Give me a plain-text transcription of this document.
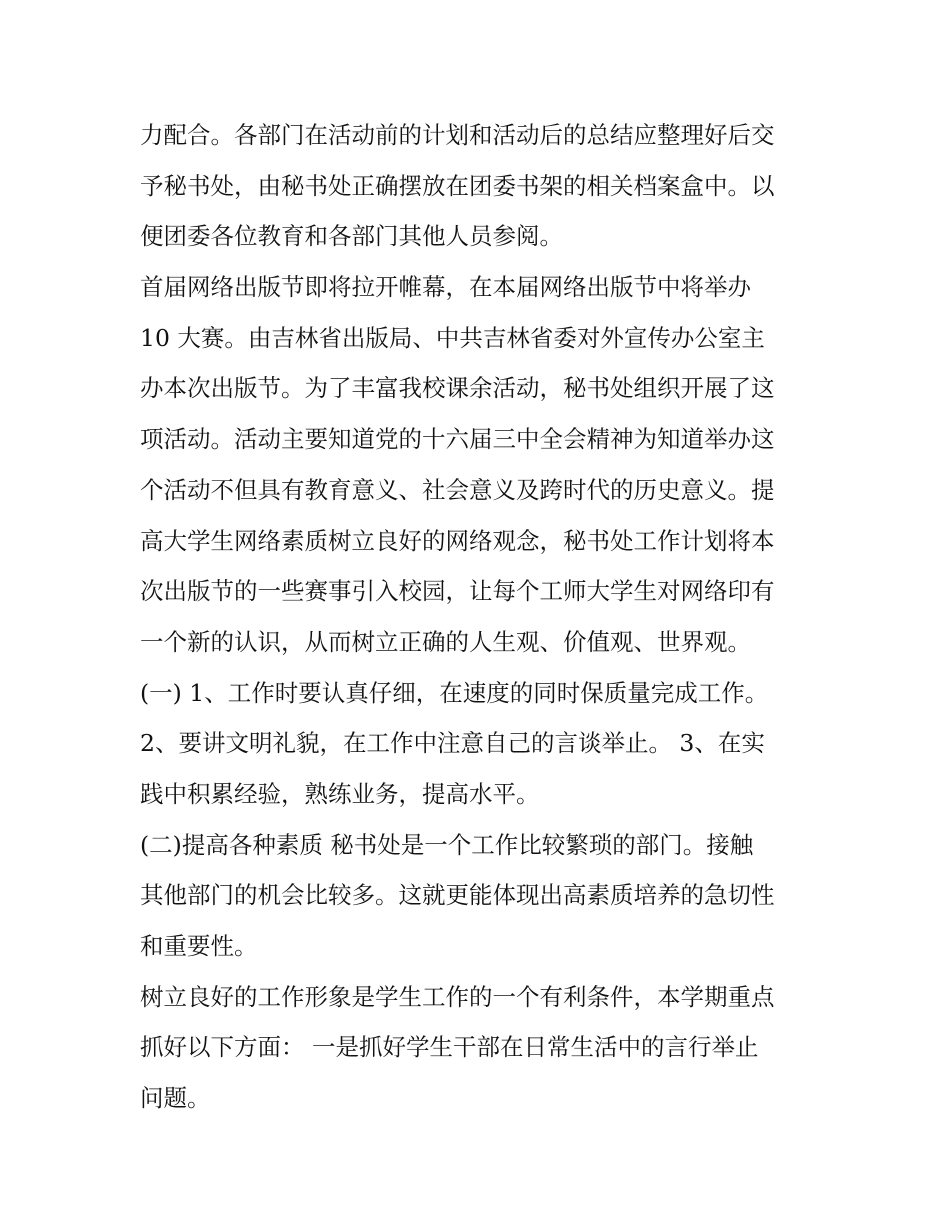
力配合。各部门在活动前的计划和活动后的总结应整理好后交
予秘书处，由秘书处正确摆放在团委书架的相关档案盒中。以
便团委各位教育和各部门其他人员参阅。
首届网络出版节即将拉开帷幕，在本届网络出版节中将举办
10 大赛。由吉林省出版局、中共吉林省委对外宣传办公室主
办本次出版节。为了丰富我校课余活动，秘书处组织开展了这
项活动。活动主要知道党的十六届三中全会精神为知道举办这
个活动不但具有教育意义、社会意义及跨时代的历史意义。提
高大学生网络素质树立良好的网络观念，秘书处工作计划将本
次出版节的一些赛事引入校园，让每个工师大学生对网络印有
一个新的认识，从而树立正确的人生观、价值观、世界观。
(一) 1、工作时要认真仔细，在速度的同时保质量完成工作。
2、要讲文明礼貌，在工作中注意自己的言谈举止。 3、在实
践中积累经验，熟练业务，提高水平。
(二)提高各种素质 秘书处是一个工作比较繁琐的部门。接触
其他部门的机会比较多。这就更能体现出高素质培养的急切性
和重要性。
树立良好的工作形象是学生工作的一个有利条件，本学期重点
抓好以下方面： 一是抓好学生干部在日常生活中的言行举止
问题。
